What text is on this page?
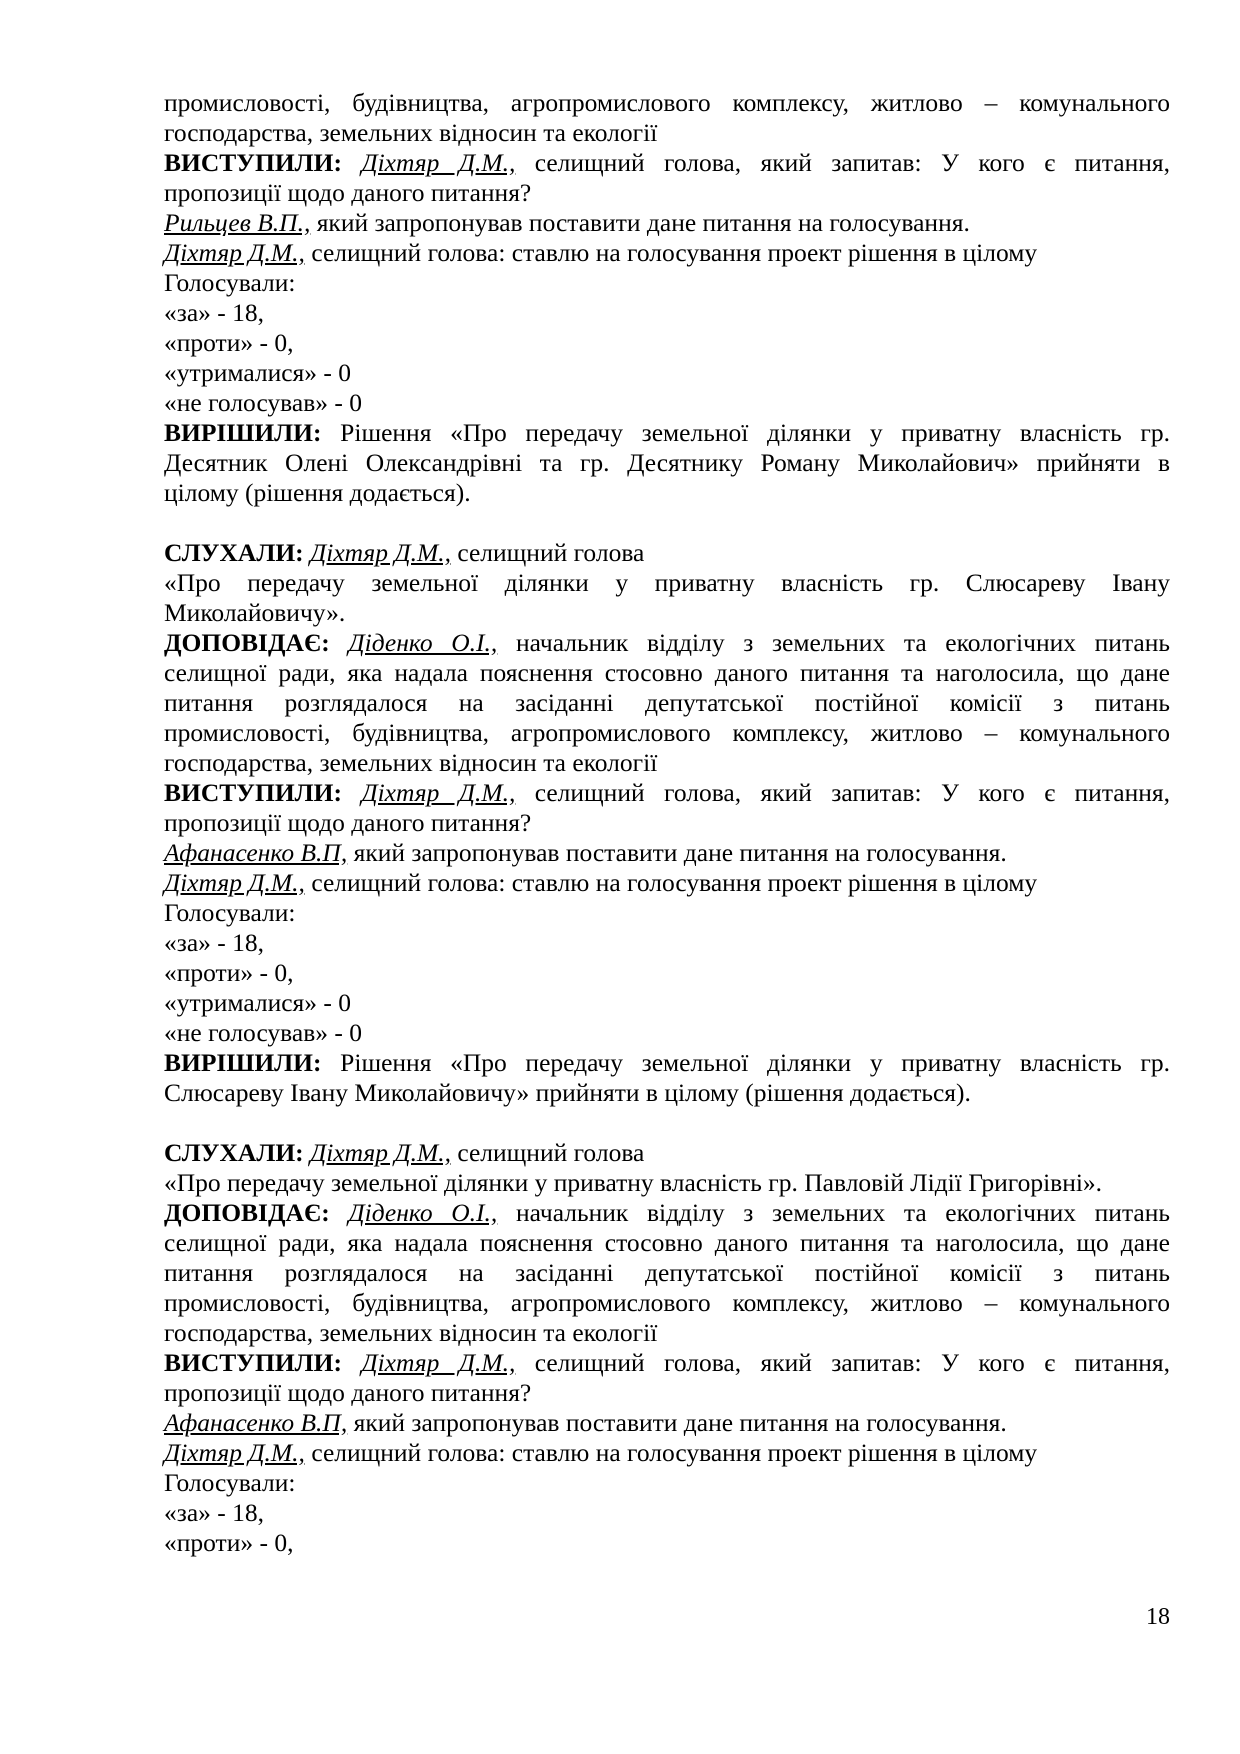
промисловості, будівництва, агропромислового комплексу, житлово – комунального
господарства, земельних відносин та екології
ВИСТУПИЛИ: Діхтяр Д.М., селищний голова, який запитав: У кого є питання,
пропозиції щодо даного питання?
Рильцев В.П., який запропонував поставити дане питання на голосування.
Діхтяр Д.М., селищний голова: ставлю на голосування проект рішення в цілому
Голосували:
«за» - 18,
«проти» - 0,
«утрималися» - 0
«не голосував» - 0
ВИРІШИЛИ: Рішення «Про передачу земельної ділянки у приватну власність гр.
Десятник Олені Олександрівні та гр. Десятнику Роману Миколайович» прийняти в
цілому (рішення додається).
СЛУХАЛИ: Діхтяр Д.М., селищний голова
«Про передачу земельної ділянки у приватну власність гр. Слюсареву Івану
Миколайовичу».
ДОПОВІДАЄ: Діденко О.І., начальник відділу з земельних та екологічних питань
селищної ради, яка надала пояснення стосовно даного питання та наголосила, що дане
питання розглядалося на засіданні депутатської постійної комісії з питань
промисловості, будівництва, агропромислового комплексу, житлово – комунального
господарства, земельних відносин та екології
ВИСТУПИЛИ: Діхтяр Д.М., селищний голова, який запитав: У кого є питання,
пропозиції щодо даного питання?
Афанасенко В.П, який запропонував поставити дане питання на голосування.
Діхтяр Д.М., селищний голова: ставлю на голосування проект рішення в цілому
Голосували:
«за» - 18,
«проти» - 0,
«утрималися» - 0
«не голосував» - 0
ВИРІШИЛИ: Рішення «Про передачу земельної ділянки у приватну власність гр.
Слюсареву Івану Миколайовичу» прийняти в цілому (рішення додається).
СЛУХАЛИ: Діхтяр Д.М., селищний голова
«Про передачу земельної ділянки у приватну власність гр. Павловій Лідії Григорівні».
ДОПОВІДАЄ: Діденко О.І., начальник відділу з земельних та екологічних питань
селищної ради, яка надала пояснення стосовно даного питання та наголосила, що дане
питання розглядалося на засіданні депутатської постійної комісії з питань
промисловості, будівництва, агропромислового комплексу, житлово – комунального
господарства, земельних відносин та екології
ВИСТУПИЛИ: Діхтяр Д.М., селищний голова, який запитав: У кого є питання,
пропозиції щодо даного питання?
Афанасенко В.П, який запропонував поставити дане питання на голосування.
Діхтяр Д.М., селищний голова: ставлю на голосування проект рішення в цілому
Голосували:
«за» - 18,
«проти» - 0,
18
